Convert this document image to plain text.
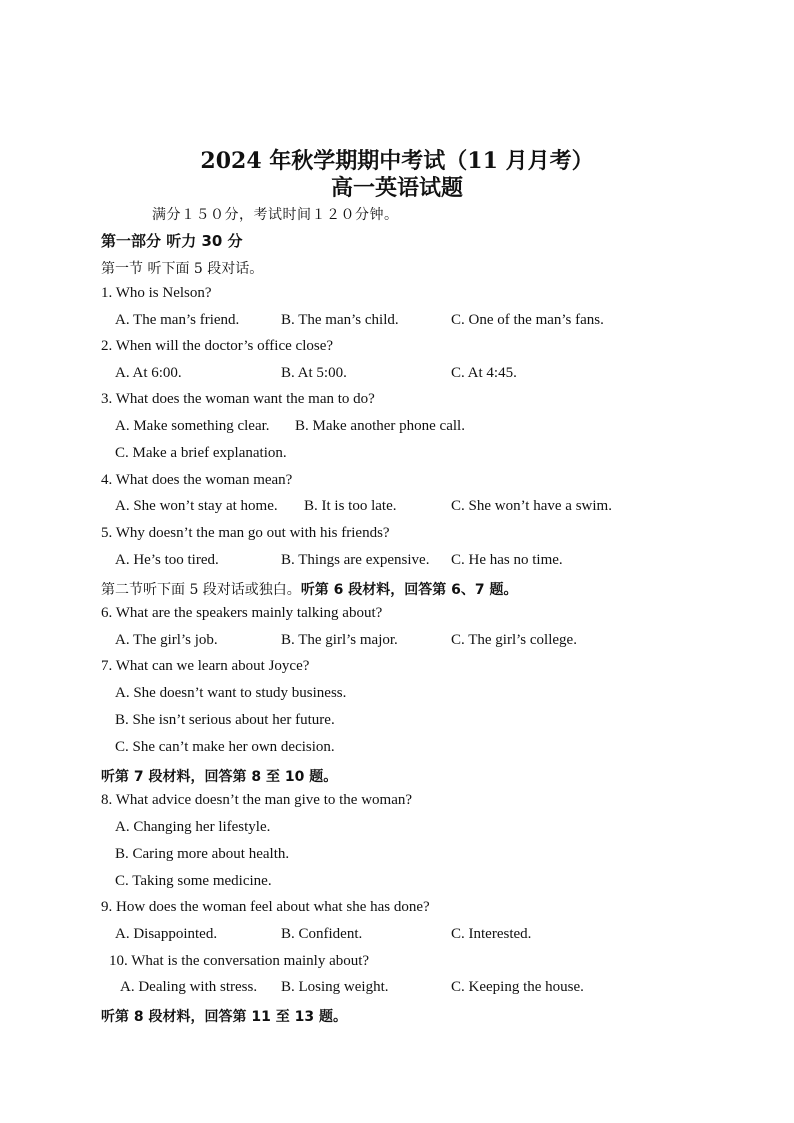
2024 年秋学期期中考试（11 月月考）
高一英语试题
满分１５０分，考试时间１２０分钟。
第一部分 听力 30 分
第一节 听下面 5 段对话。
1. Who is Nelson?
A. The man’s friend.	B. The man’s child.	C. One of the man’s fans.
2. When will the doctor’s office close?
A. At 6:00.	B. At 5:00.	C. At 4:45.
3. What does the woman want the man to do?
A. Make something clear. B. Make another phone call.
C. Make a brief explanation.
4. What does the woman mean?
A. She won’t stay at home. B. It is too late.	C. She won’t have a swim.
5. Why doesn’t the man go out with his friends?
A. He’s too tired.	B. Things are expensive. C. He has no time.
第二节听下面 5 段对话或独白。听第 6 段材料，回答第 6、7 题。
6. What are the speakers mainly talking about?
A. The girl’s job.	B. The girl’s major.	C. The girl’s college.
7. What can we learn about Joyce?
A. She doesn’t want to study business.
B. She isn’t serious about her future.
C. She can’t make her own decision.
听第 7 段材料，回答第 8 至 10 题。
8. What advice doesn’t the man give to the woman?
A. Changing her lifestyle.
B. Caring more about health.
C. Taking some medicine.
9. How does the woman feel about what she has done?
A. Disappointed.	B. Confident.	C. Interested.
10. What is the conversation mainly about?
A. Dealing with stress. B. Losing weight.	C. Keeping the house.
听第 8 段材料，回答第 11 至 13 题。
